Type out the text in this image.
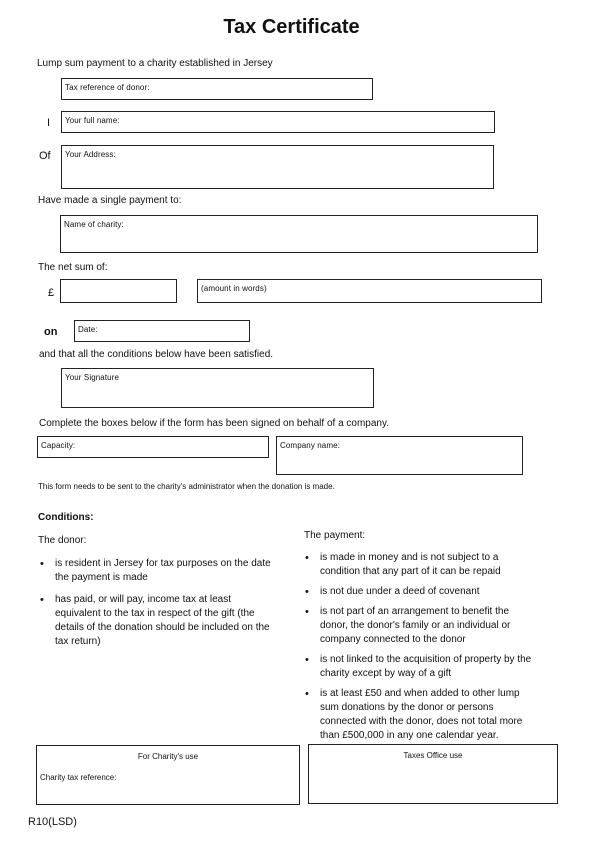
Tax Certificate
Lump sum payment to a charity established in Jersey
Tax reference of donor:
I Your full name:
Of Your Address:
Have made a single payment to:
Name of charity:
The net sum of:
£	(amount in words)
on	Date:
and that all the conditions below have been satisfied.
Your Signature
Complete the boxes below if the form has been signed on behalf of a company.
Capacity:	Company name:
This form needs to be sent to the charity's administrator when the donation is made.
Conditions:
The donor:	The payment:
• is resident in Jersey for tax purposes on the date
the payment is made
• has paid, or will pay, income tax at least
equivalent to the tax in respect of the gift (the
details of the donation should be included on the
tax return)
• is made in money and is not subject to a
condition that any part of it can be repaid
• is not due under a deed of covenant
• is not part of an arrangement to benefit the
donor, the donor's family or an individual or
company connected to the donor
• is not linked to the acquisition of property by the
charity except by way of a gift
• is at least £50 and when added to other lump
sum donations by the donor or persons
connected with the donor, does not total more
than £500,000 in any one calendar year.
For Charity's use
Charity tax reference:
Taxes Office use
R10(LSD)
